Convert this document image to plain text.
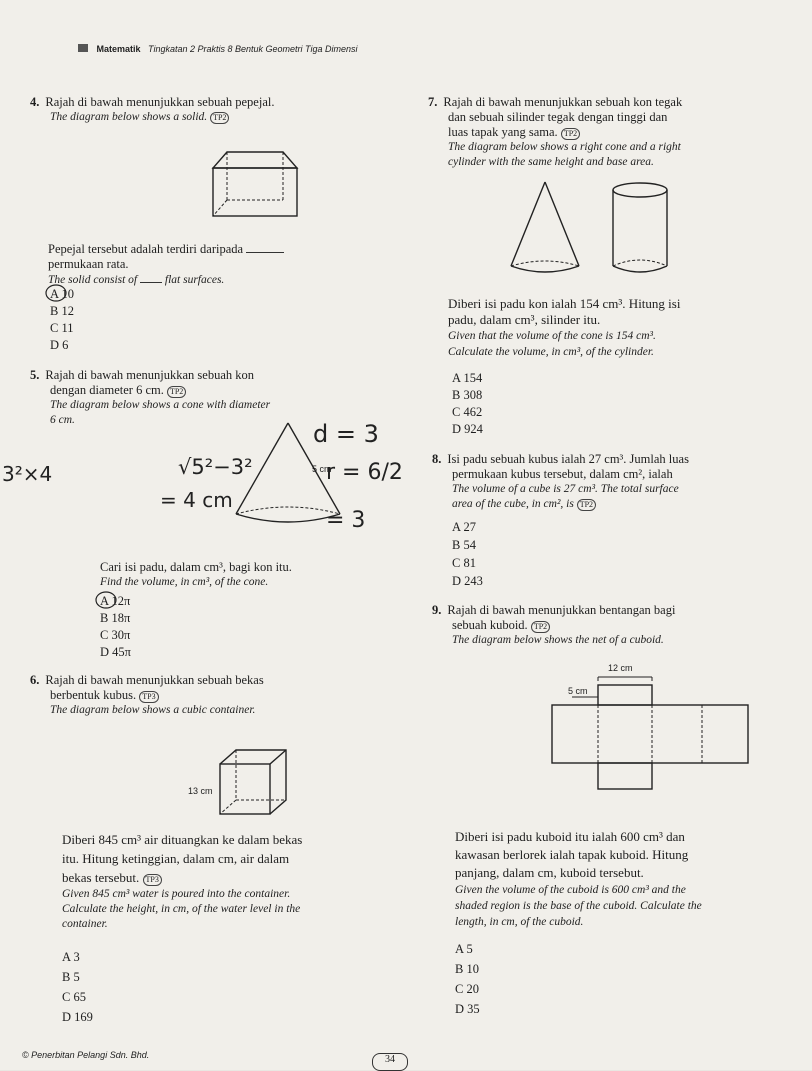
Matematik Tingkatan 2 Praktis 8 Bentuk Geometri Tiga Dimensi
4. Rajah di bawah menunjukkan sebuah pepejal.
The diagram below shows a solid. TP2
Pepejal tersebut adalah terdiri daripada
permukaan rata.
The solid consist of flat surfaces.
A 10
B 12
C 11
D 6
5. Rajah di bawah menunjukkan sebuah kon
dengan diameter 6 cm. TP2
The diagram below shows a cone with diameter
6 cm.
5 cm
Cari isi padu, dalam cm³, bagi kon itu.
Find the volume, in cm³, of the cone.
A 12π
B 18π
C 30π
D 45π
d = 3
r = 6/2
= 3
√5²−3²
= 4 cm
3²×4
6. Rajah di bawah menunjukkan sebuah bekas
berbentuk kubus. TP3
The diagram below shows a cubic container.
13 cm
Diberi 845 cm³ air dituangkan ke dalam bekas
itu. Hitung ketinggian, dalam cm, air dalam
bekas tersebut. TP3
Given 845 cm³ water is poured into the container.
Calculate the height, in cm, of the water level in the
container.
A 3
B 5
C 65
D 169
7. Rajah di bawah menunjukkan sebuah kon tegak
dan sebuah silinder tegak dengan tinggi dan
luas tapak yang sama. TP2
The diagram below shows a right cone and a right
cylinder with the same height and base area.
Diberi isi padu kon ialah 154 cm³. Hitung isi
padu, dalam cm³, silinder itu.
Given that the volume of the cone is 154 cm³.
Calculate the volume, in cm³, of the cylinder.
A 154
B 308
C 462
D 924
8. Isi padu sebuah kubus ialah 27 cm³. Jumlah luas
permukaan kubus tersebut, dalam cm², ialah
The volume of a cube is 27 cm³. The total surface
area of the cube, in cm², is TP2
A 27
B 54
C 81
D 243
9. Rajah di bawah menunjukkan bentangan bagi
sebuah kuboid. TP2
The diagram below shows the net of a cuboid.
12 cm
5 cm
Diberi isi padu kuboid itu ialah 600 cm³ dan
kawasan berlorek ialah tapak kuboid. Hitung
panjang, dalam cm, kuboid tersebut.
Given the volume of the cuboid is 600 cm³ and the
shaded region is the base of the cuboid. Calculate the
length, in cm, of the cuboid.
A 5
B 10
C 20
D 35
© Penerbitan Pelangi Sdn. Bhd.	34
